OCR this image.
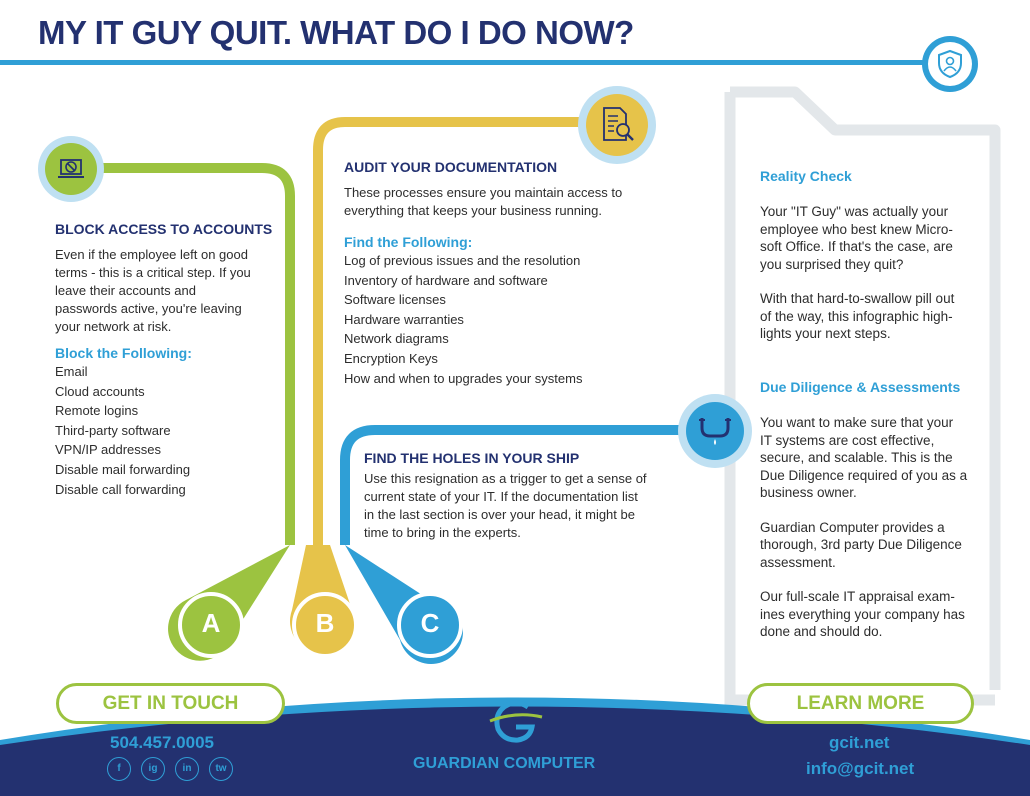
A	B	C
MY IT GUY QUIT. WHAT DO I DO NOW?
BLOCK ACCESS TO ACCOUNTS
Even if the employee left on good
terms - this is a critical step. If you
leave their accounts and
passwords active, you're leaving
your network at risk.
Block the Following:
Email
Cloud accounts
Remote logins
Third-party software
VPN/IP addresses
Disable mail forwarding
Disable call forwarding
AUDIT YOUR DOCUMENTATION
These processes ensure you maintain access to
everything that keeps your business running.
Find the Following:
Log of previous issues and the resolution
Inventory of hardware and software
Software licenses
Hardware warranties
Network diagrams
Encryption Keys
How and when to upgrades your systems
FIND THE HOLES IN YOUR SHIP
Use this resignation as a trigger to get a sense of
current state of your IT. If the documentation list
in the last section is over your head, it might be
time to bring in the experts.
Reality Check
Your "IT Guy" was actually your
employee who best knew Micro-
soft Office. If that's the case, are
you surprised they quit?
With that hard-to-swallow pill out
of the way, this infographic high-
lights your next steps.
Due Diligence & Assessments
You want to make sure that your
IT systems are cost effective,
secure, and scalable. This is the
Due Diligence required of you as a
business owner.
Guardian Computer provides a
thorough, 3rd party Due Diligence
assessment.
Our full-scale IT appraisal exam-
ines everything your company has
done and should do.
GET IN TOUCH
504.457.0005
f	ig	in	tw	GUARDIAN COMPUTER
LEARN MORE
gcit.net
info@gcit.net
